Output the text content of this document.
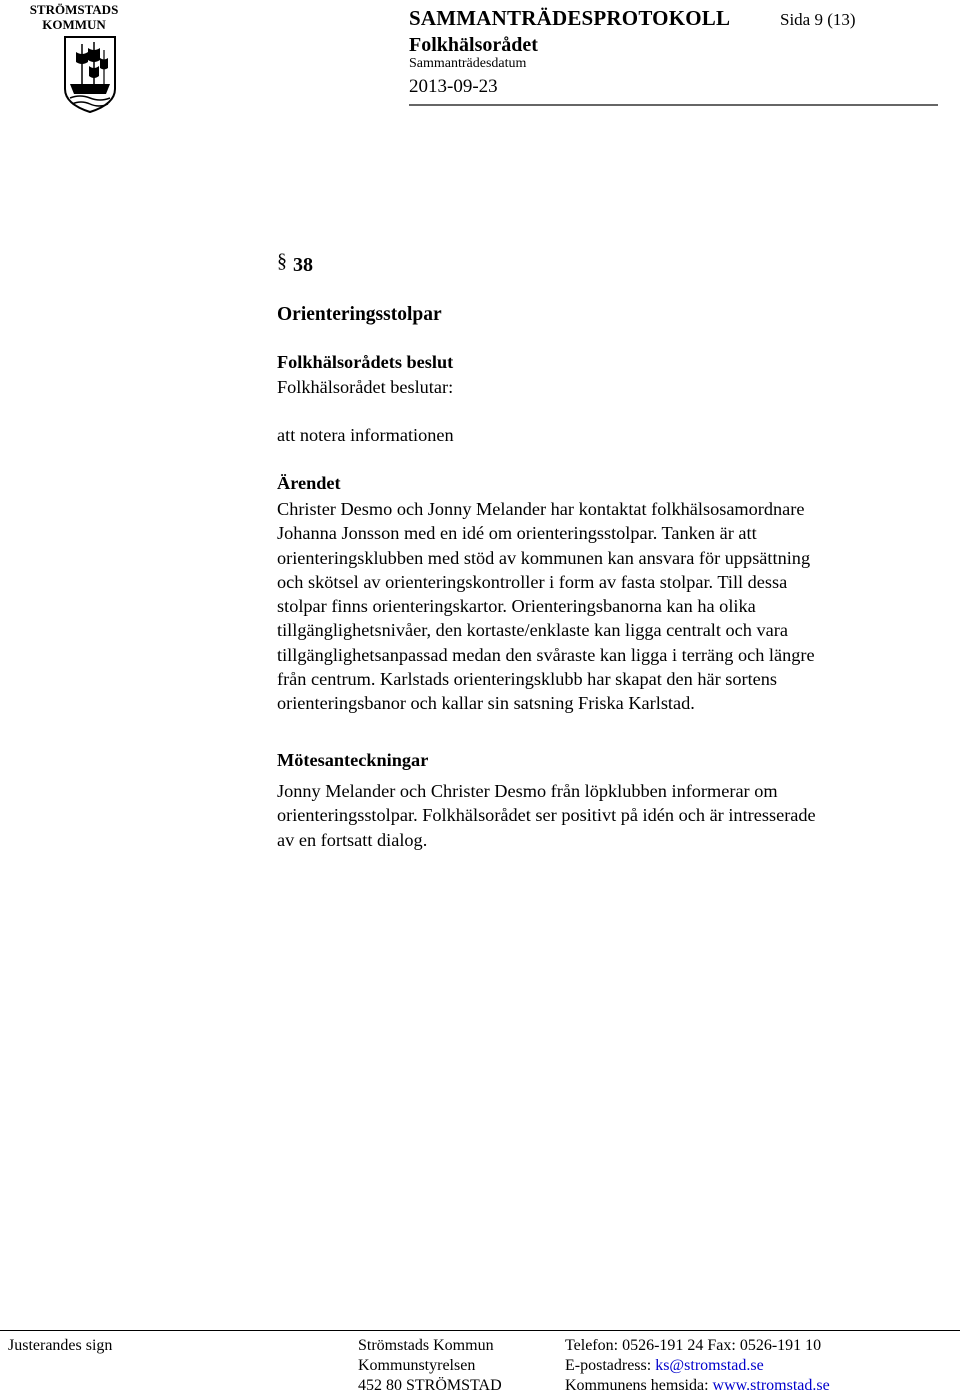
STRÖMSTADS
KOMMUN	SAMMANTRÄDESPROTOKOLL	Sida 9 (13)
Folkhälsorådet
Sammanträdesdatum
2013-09-23
§ 38
Orienteringsstolpar
Folkhälsorådets beslut
Folkhälsorådet beslutar:
att notera informationen
Ärendet
Christer Desmo och Jonny Melander har kontaktat folkhälsosamordnare
Johanna Jonsson med en idé om orienteringsstolpar. Tanken är att
orienteringsklubben med stöd av kommunen kan ansvara för uppsättning
och skötsel av orienteringskontroller i form av fasta stolpar. Till dessa
stolpar finns orienteringskartor. Orienteringsbanorna kan ha olika
tillgänglighetsnivåer, den kortaste/enklaste kan ligga centralt och vara
tillgänglighetsanpassad medan den svåraste kan ligga i terräng och längre
från centrum. Karlstads orienteringsklubb har skapat den här sortens
orienteringsbanor och kallar sin satsning Friska Karlstad.
Mötesanteckningar
Jonny Melander och Christer Desmo från löpklubben informerar om
orienteringsstolpar. Folkhälsorådet ser positivt på idén och är intresserade
av en fortsatt dialog.
Justerandes sign	Strömstads Kommun
Kommunstyrelsen
452 80 STRÖMSTAD
Telefon: 0526-191 24 Fax: 0526-191 10
E-postadress: ks@stromstad.se
Kommunens hemsida: www.stromstad.se
